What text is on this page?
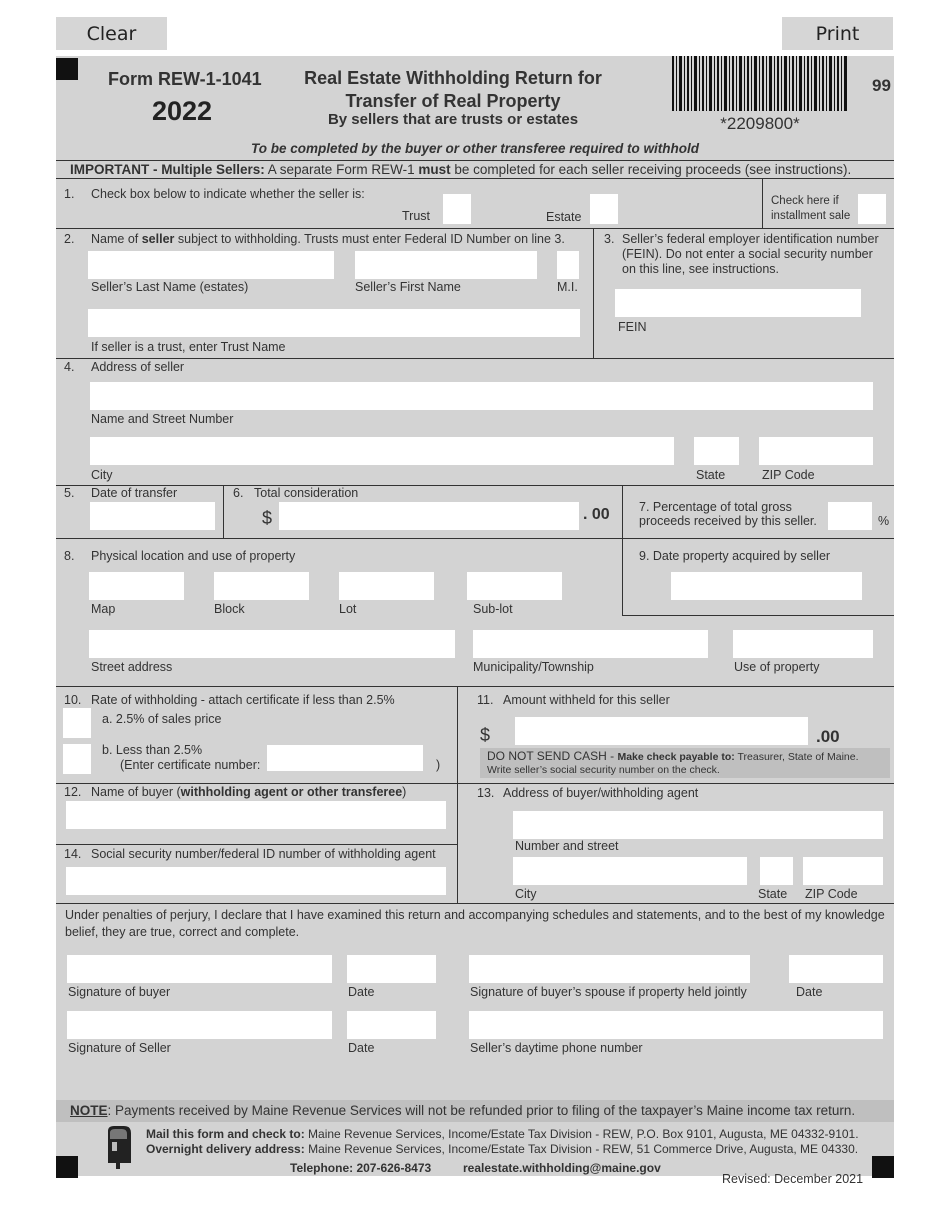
Clear	Print
Form REW-1-1041
2022
Real Estate Withholding Return for
Transfer of Real Property
By sellers that are trusts or estates	*2209800*
99
To be completed by the buyer or other transferee required to withhold
IMPORTANT - Multiple Sellers: A separate Form REW-1 must be completed for each seller receiving proceeds (see instructions).
1. Check box below to indicate whether the seller is:
Trust	Estate
Check here if
installment sale
2. Name of seller subject to withholding. Trusts must enter Federal ID Number on line 3.
Seller’s Last Name (estates)	Seller’s First Name	M.I.
If seller is a trust, enter Trust Name
3. Seller’s federal employer identification number
(FEIN). Do not enter a social security number
on this line, see instructions.
FEIN
4. Address of seller
Name and Street Number
City	State	ZIP Code
5. Date of transfer	6. Total consideration
$	. 00 7. Percentage of total gross
proceeds received by this seller.	%
8. Physical location and use of property	9. Date property acquired by seller
Map	Block	Lot	Sub-lot
Street address	Municipality/Township	Use of property
10. Rate of withholding - attach certificate if less than 2.5%
a. 2.5% of sales price
b. Less than 2.5%
(Enter certificate number:	)
11. Amount withheld for this seller
$	.00
DO NOT SEND CASH - Make check payable to: Treasurer, State of Maine.
Write seller’s social security number on the check.
12. Name of buyer (withholding agent or other transferee)
14. Social security number/federal ID number of withholding agent
13. Address of buyer/withholding agent
Number and street
City	State ZIP Code
Under penalties of perjury, I declare that I have examined this return and accompanying schedules and statements, and to the best of my knowledge
belief, they are true, correct and complete.
Signature of buyer	Date	Signature of buyer’s spouse if property held jointly	Date
Signature of Seller	Date	Seller’s daytime phone number
NOTE: Payments received by Maine Revenue Services will not be refunded prior to filing of the taxpayer’s Maine income tax return.
Mail this form and check to: Maine Revenue Services, Income/Estate Tax Division - REW, P.O. Box 9101, Augusta, ME 04332-9101.
Overnight delivery address: Maine Revenue Services, Income/Estate Tax Division - REW, 51 Commerce Drive, Augusta, ME 04330.
Telephone: 207-626-8473	realestate.withholding@maine.gov
Revised: December 2021
